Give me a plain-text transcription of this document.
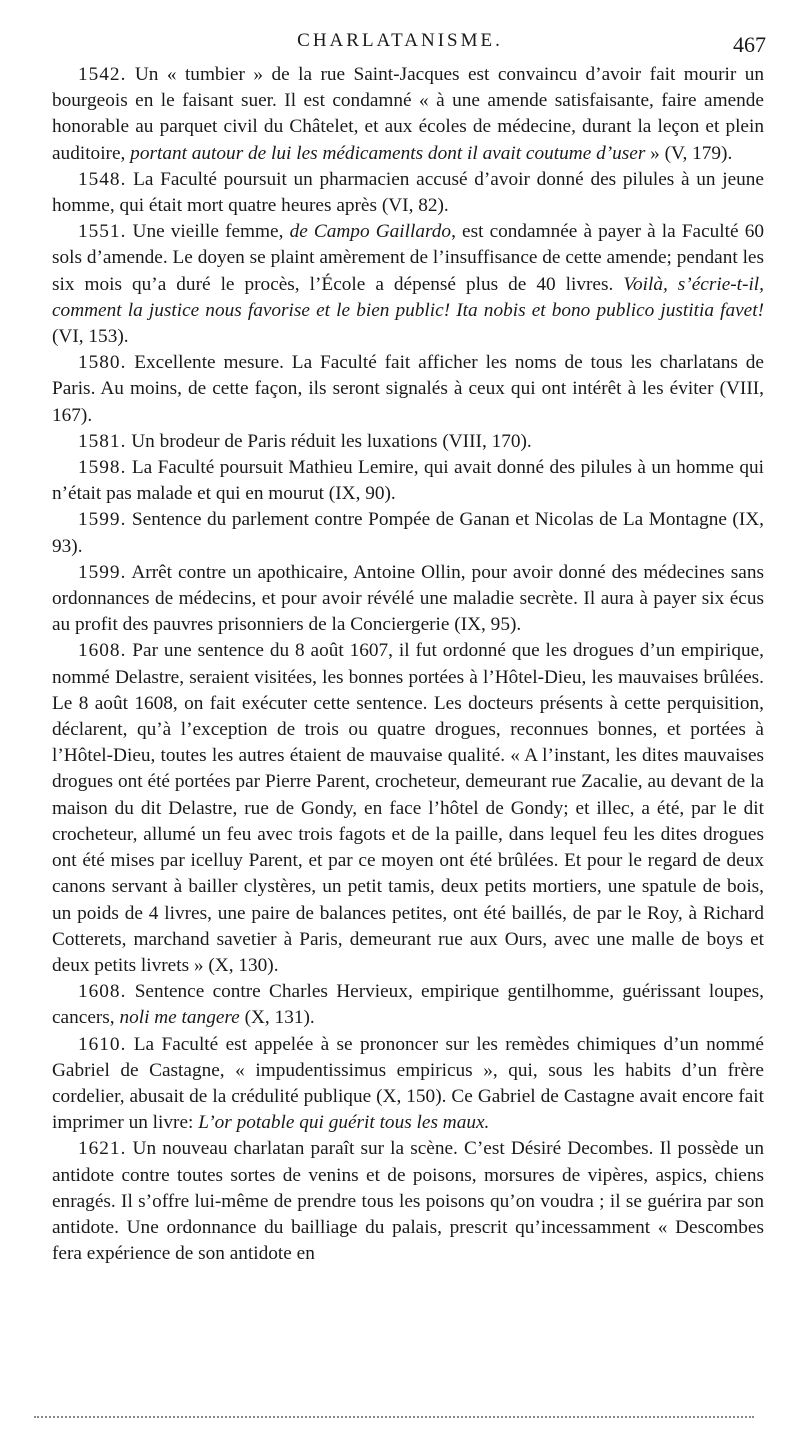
CHARLATANISME.	467

1542. Un « tumbier » de la rue Saint-Jacques est convaincu d’avoir fait mourir un bourgeois en le faisant suer. Il est condamné « à une amende satisfaisante, faire amende honorable au parquet civil du Châtelet, et aux écoles de médecine, durant la leçon et plein auditoire, portant autour de lui les médicaments dont il avait coutume d’user » (V, 179).

1548. La Faculté poursuit un pharmacien accusé d’avoir donné des pilules à un jeune homme, qui était mort quatre heures après (VI, 82).

1551. Une vieille femme, de Campo Gaillardo, est condamnée à payer à la Faculté 60 sols d’amende. Le doyen se plaint amèrement de l’insuffisance de cette amende; pendant les six mois qu’a duré le procès, l’École a dépensé plus de 40 livres. Voilà, s’écrie-t-il, comment la justice nous favorise et le bien public! Ita nobis et bono publico justitia favet! (VI, 153).

1580. Excellente mesure. La Faculté fait afficher les noms de tous les charlatans de Paris. Au moins, de cette façon, ils seront signalés à ceux qui ont intérêt à les éviter (VIII, 167).

1581. Un brodeur de Paris réduit les luxations (VIII, 170).

1598. La Faculté poursuit Mathieu Lemire, qui avait donné des pilules à un homme qui n’était pas malade et qui en mourut (IX, 90).

1599. Sentence du parlement contre Pompée de Ganan et Nicolas de La Montagne (IX, 93).

1599. Arrêt contre un apothicaire, Antoine Ollin, pour avoir donné des médecines sans ordonnances de médecins, et pour avoir révélé une maladie secrète. Il aura à payer six écus au profit des pauvres prisonniers de la Conciergerie (IX, 95).

1608. Par une sentence du 8 août 1607, il fut ordonné que les drogues d’un empirique, nommé Delastre, seraient visitées, les bonnes portées à l’Hôtel-Dieu, les mauvaises brûlées. Le 8 août 1608, on fait exécuter cette sentence. Les docteurs présents à cette perquisition, déclarent, qu’à l’exception de trois ou quatre drogues, reconnues bonnes, et portées à l’Hôtel-Dieu, toutes les autres étaient de mauvaise qualité. « A l’instant, les dites mauvaises drogues ont été portées par Pierre Parent, crocheteur, demeurant rue Zacalie, au devant de la maison du dit Delastre, rue de Gondy, en face l’hôtel de Gondy; et illec, a été, par le dit crocheteur, allumé un feu avec trois fagots et de la paille, dans lequel feu les dites drogues ont été mises par icelluy Parent, et par ce moyen ont été brûlées. Et pour le regard de deux canons servant à bailler clystères, un petit tamis, deux petits mortiers, une spatule de bois, un poids de 4 livres, une paire de balances petites, ont été baillés, de par le Roy, à Richard Cotterets, marchand savetier à Paris, demeurant rue aux Ours, avec une malle de boys et deux petits livrets » (X, 130).

1608. Sentence contre Charles Hervieux, empirique gentilhomme, guérissant loupes, cancers, noli me tangere (X, 131).

1610. La Faculté est appelée à se prononcer sur les remèdes chimiques d’un nommé Gabriel de Castagne, « impudentissimus empiricus », qui, sous les habits d’un frère cordelier, abusait de la crédulité publique (X, 150). Ce Gabriel de Castagne avait encore fait imprimer un livre: L’or potable qui guérit tous les maux.

1621. Un nouveau charlatan paraît sur la scène. C’est Désiré Decombes. Il possède un antidote contre toutes sortes de venins et de poisons, morsures de vipères, aspics, chiens enragés. Il s’offre lui-même de prendre tous les poisons qu’on voudra ; il se guérira par son antidote. Une ordonnance du bailliage du palais, prescrit qu’incessamment « Descombes fera expérience de son antidote en
